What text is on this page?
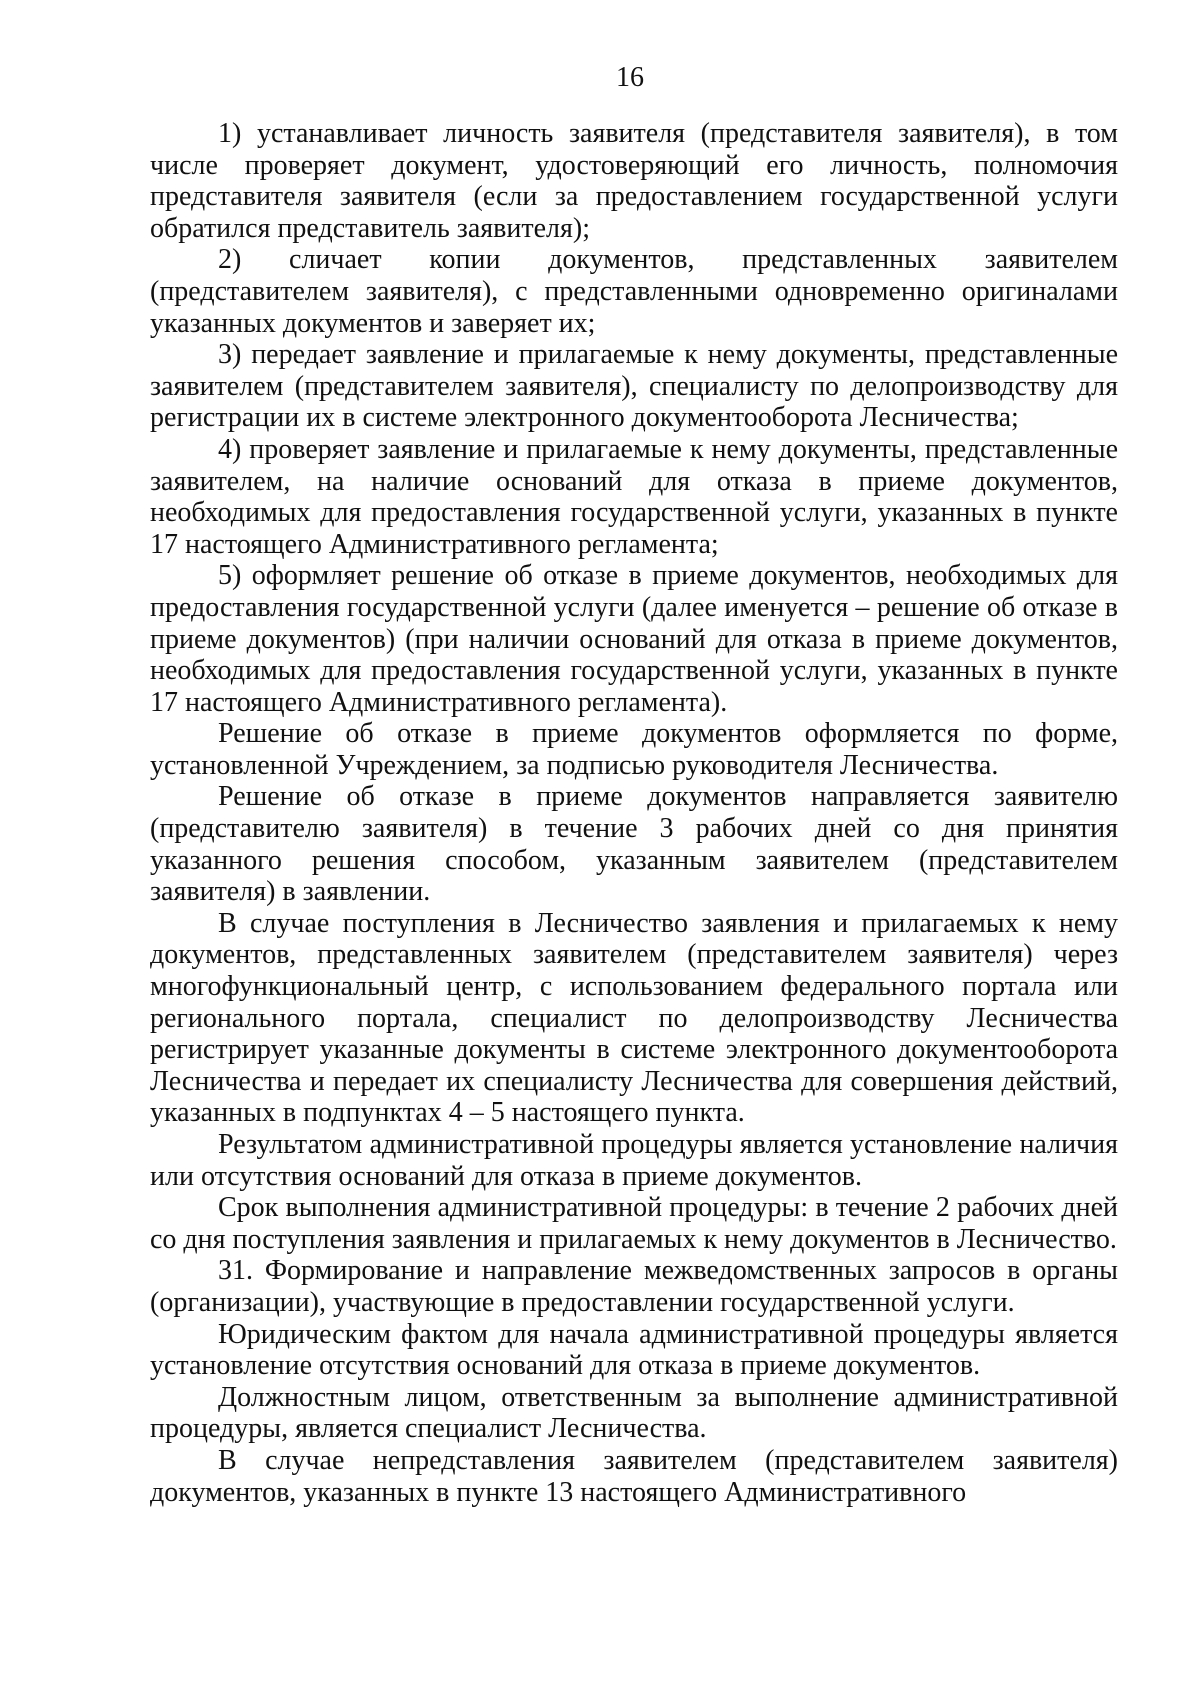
16

1) устанавливает личность заявителя (представителя заявителя), в том числе проверяет документ, удостоверяющий его личность, полномочия представителя заявителя (если за предоставлением государственной услуги обратился представитель заявителя);

2) сличает копии документов, представленных заявителем (представителем заявителя), с представленными одновременно оригиналами указанных документов и заверяет их;

3) передает заявление и прилагаемые к нему документы, представленные заявителем (представителем заявителя), специалисту по делопроизводству для регистрации их в системе электронного документооборота Лесничества;

4) проверяет заявление и прилагаемые к нему документы, представленные заявителем, на наличие оснований для отказа в приеме документов, необходимых для предоставления государственной услуги, указанных в пункте 17 настоящего Административного регламента;

5) оформляет решение об отказе в приеме документов, необходимых для предоставления государственной услуги (далее именуется – решение об отказе в приеме документов) (при наличии оснований для отказа в приеме документов, необходимых для предоставления государственной услуги, указанных в пункте 17 настоящего Административного регламента).

Решение об отказе в приеме документов оформляется по форме, установленной Учреждением, за подписью руководителя Лесничества.

Решение об отказе в приеме документов направляется заявителю (представителю заявителя) в течение 3 рабочих дней со дня принятия указанного решения способом, указанным заявителем (представителем заявителя) в заявлении.

В случае поступления в Лесничество заявления и прилагаемых к нему документов, представленных заявителем (представителем заявителя) через многофункциональный центр, с использованием федерального портала или регионального портала, специалист по делопроизводству Лесничества регистрирует указанные документы в системе электронного документооборота Лесничества и передает их специалисту Лесничества для совершения действий, указанных в подпунктах 4 – 5 настоящего пункта.

Результатом административной процедуры является установление наличия или отсутствия оснований для отказа в приеме документов.

Срок выполнения административной процедуры: в течение 2 рабочих дней со дня поступления заявления и прилагаемых к нему документов в Лесничество.

31. Формирование и направление межведомственных запросов в органы (организации), участвующие в предоставлении государственной услуги.

Юридическим фактом для начала административной процедуры является установление отсутствия оснований для отказа в приеме документов.

Должностным лицом, ответственным за выполнение административной процедуры, является специалист Лесничества.

В случае непредставления заявителем (представителем заявителя) документов, указанных в пункте 13 настоящего Административного
